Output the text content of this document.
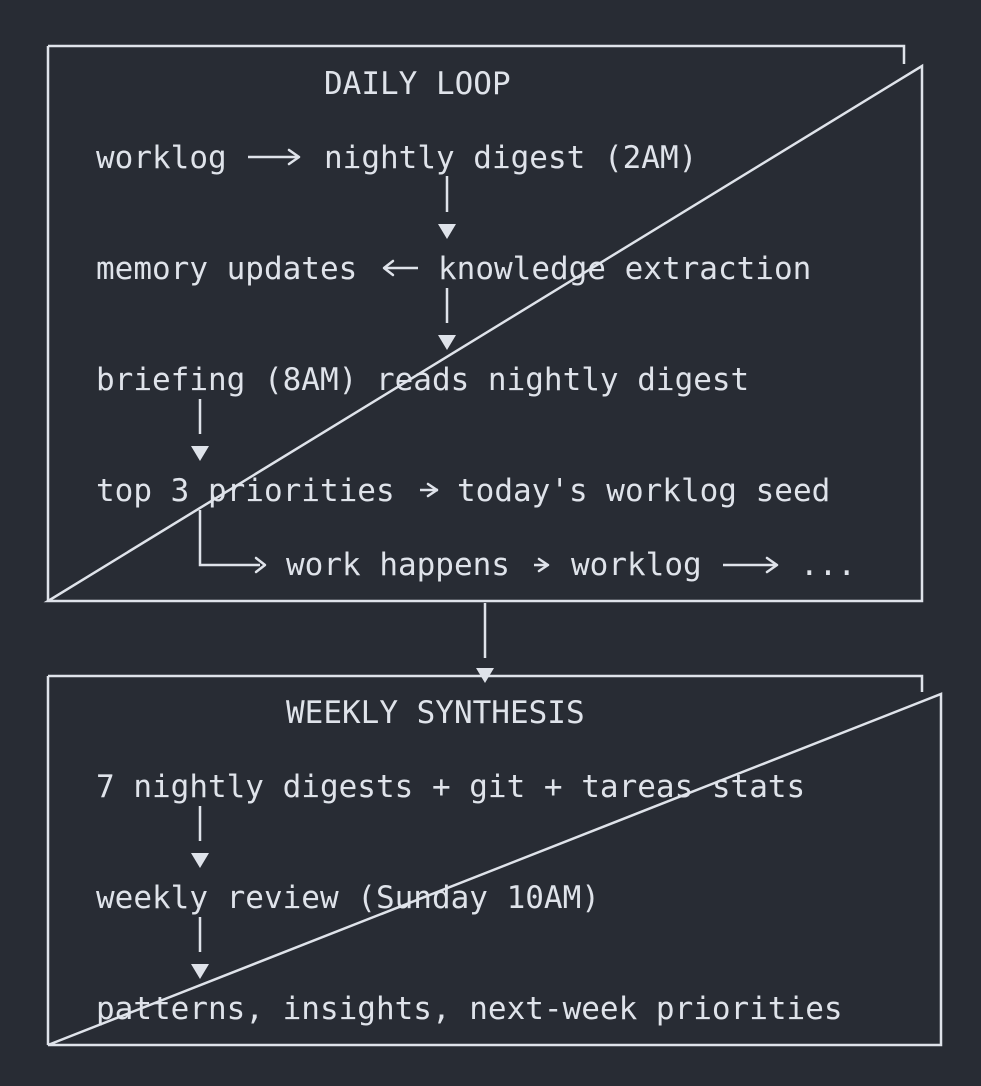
DAILY LOOP
worklog	nightly digest (2AM)
memory updates	knowledge extraction
briefing (8AM) reads nightly digest
top 3 priorities today's worklog seed
work happens worklog	...
WEEKLY SYNTHESIS
7 nightly digests + git + tareas stats
weekly review (Sunday 10AM)
patterns, insights, next-week priorities
